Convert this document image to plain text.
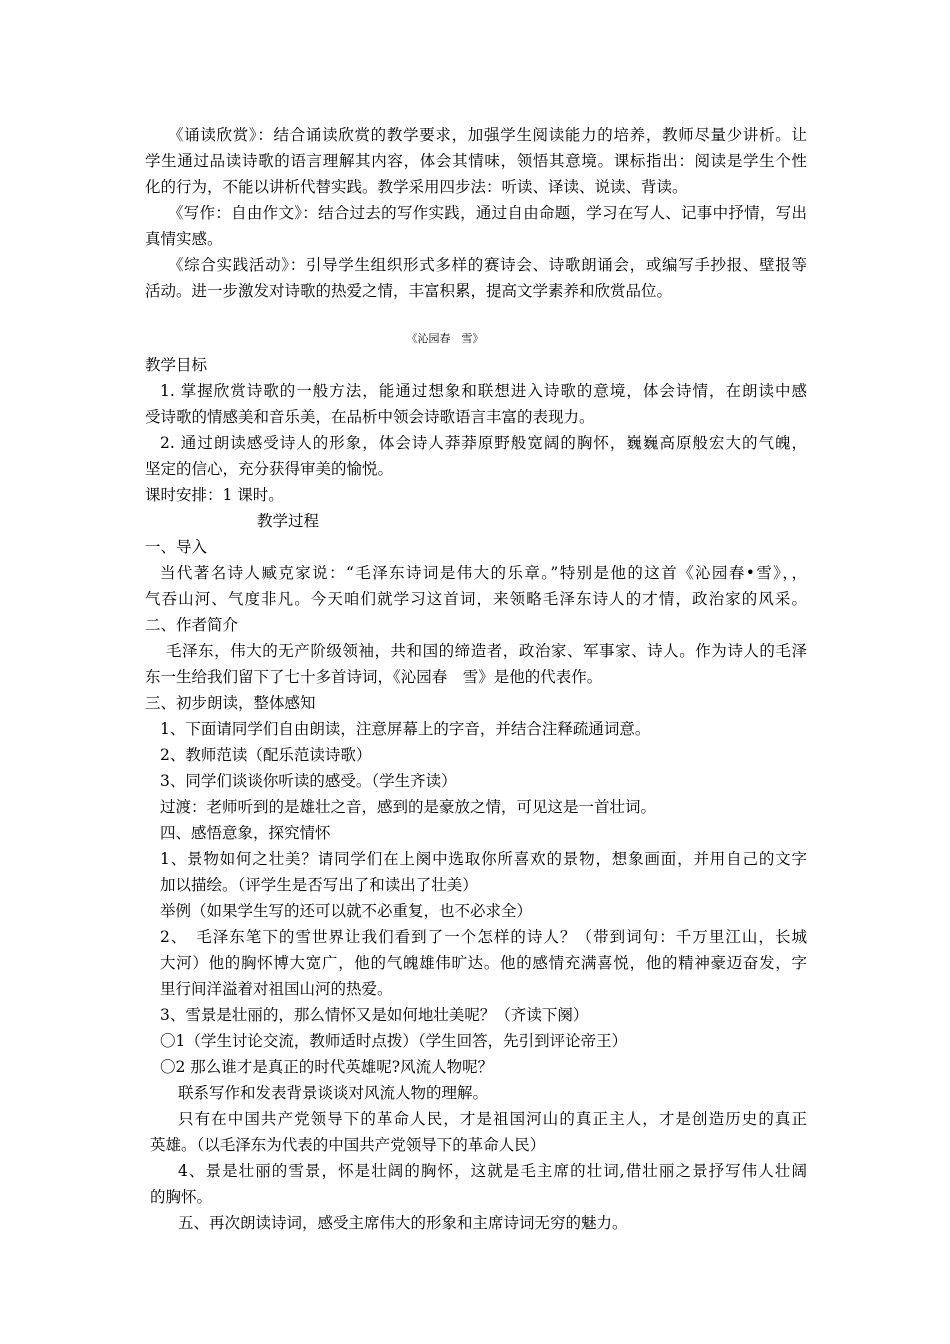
《诵读欣赏》：结合诵读欣赏的教学要求，加强学生阅读能力的培养，教师尽量少讲析。让
学生通过品读诗歌的语言理解其内容，体会其情味，领悟其意境。课标指出：阅读是学生个性
化的行为，不能以讲析代替实践。教学采用四步法：听读、译读、说读、背读。
《写作：自由作文》：结合过去的写作实践，通过自由命题，学习在写人、记事中抒情，写出
真情实感。
《综合实践活动》：引导学生组织形式多样的赛诗会、诗歌朗诵会，或编写手抄报、壁报等
活动。进一步激发对诗歌的热爱之情，丰富积累，提高文学素养和欣赏品位。
《沁园春　雪》
教学目标
1. 掌握欣赏诗歌的一般方法，能通过想象和联想进入诗歌的意境，体会诗情，在朗读中感
受诗歌的情感美和音乐美，在品析中领会诗歌语言丰富的表现力。
2. 通过朗读感受诗人的形象，体会诗人莽莽原野般宽阔的胸怀，巍巍高原般宏大的气魄，
坚定的信心，充分获得审美的愉悦。
课时安排：1 课时。
教学过程
一、导入
当代著名诗人臧克家说：“毛泽东诗词是伟大的乐章。”特别是他的这首《沁园春•雪》，，
气吞山河、气度非凡。今天咱们就学习这首词，来领略毛泽东诗人的才情，政治家的风采。
二、作者简介
毛泽东，伟大的无产阶级领袖，共和国的缔造者，政治家、军事家、诗人。作为诗人的毛泽
东一生给我们留下了七十多首诗词，《沁园春　雪》是他的代表作。
三、初步朗读，整体感知
1、下面请同学们自由朗读，注意屏幕上的字音，并结合注释疏通词意。
2、教师范读（配乐范读诗歌）
3、同学们谈谈你听读的感受。（学生齐读）
过渡：老师听到的是雄壮之音，感到的是豪放之情，可见这是一首壮词。
四、感悟意象，探究情怀
1、景物如何之壮美？请同学们在上阕中选取你所喜欢的景物，想象画面，并用自己的文字
加以描绘。（评学生是否写出了和读出了壮美）
举例（如果学生写的还可以就不必重复，也不必求全）
2、　毛泽东笔下的雪世界让我们看到了一个怎样的诗人？（带到词句：千万里江山，长城
大河）他的胸怀博大宽广，他的气魄雄伟旷达。他的感情充满喜悦，他的精神豪迈奋发，字
里行间洋溢着对祖国山河的热爱。
3、雪景是壮丽的，那么情怀又是如何地壮美呢？（齐读下阕）
〇1（学生讨论交流，教师适时点拨）（学生回答，先引到评论帝王）
〇2 那么谁才是真正的时代英雄呢?风流人物呢？
联系写作和发表背景谈谈对风流人物的理解。
只有在中国共产党领导下的革命人民，才是祖国河山的真正主人，才是创造历史的真正
英雄。（以毛泽东为代表的中国共产党领导下的革命人民）
4、景是壮丽的雪景，怀是壮阔的胸怀，这就是毛主席的壮词,借壮丽之景抒写伟人壮阔
的胸怀。
五、再次朗读诗词，感受主席伟大的形象和主席诗词无穷的魅力。
